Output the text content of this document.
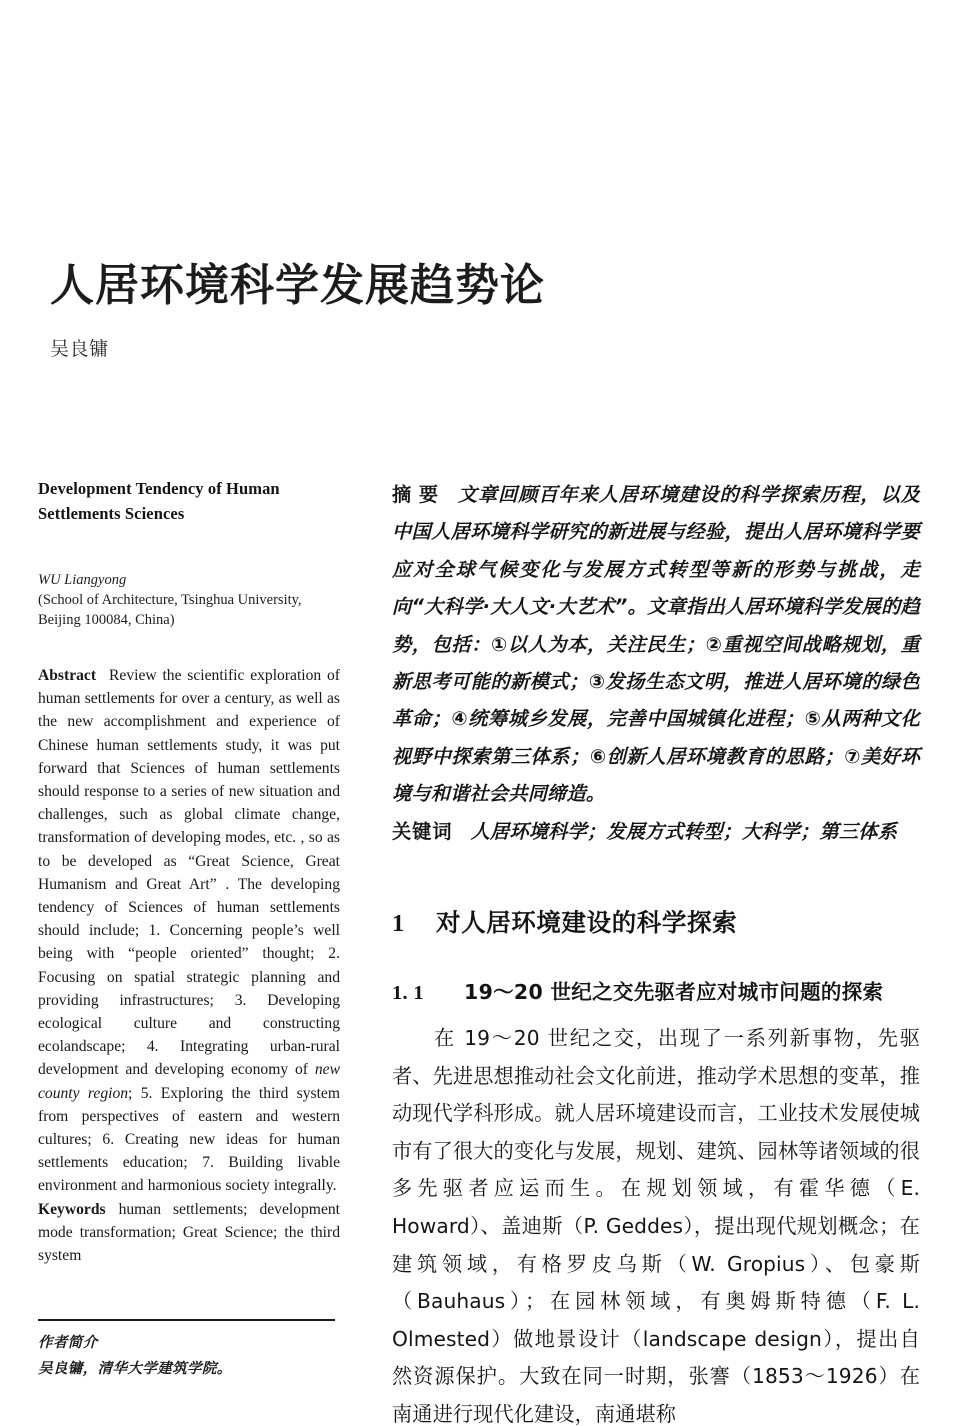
人居环境科学发展趋势论
吴良镛
Development Tendency of Human Settlements Sciences
WU Liangyong
(School of Architecture, Tsinghua University, Beijing 100084, China)

Abstract Review the scientific exploration of human settlements for over a century, as well as the new accomplishment and experience of Chinese human settlements study, it was put forward that Sciences of human settlements should response to a series of new situation and challenges, such as global climate change, transformation of developing modes, etc. , so as to be developed as “Great Science, Great Humanism and Great Art” . The developing tendency of Sciences of human settlements should include; 1. Concerning people’s well being with “people oriented” thought; 2. Focusing on spatial strategic planning and providing infrastructures; 3. Developing ecological culture and constructing ecolandscape; 4. Integrating urban-rural development and developing economy of new county region; 5. Exploring the third system from perspectives of eastern and western cultures; 6. Creating new ideas for human settlements education; 7. Building livable environment and harmonious society integrally.

Keywords human settlements; development mode transformation; Great Science; the third system

作者简介
吴良镛，清华大学建筑学院。

摘要 文章回顾百年来人居环境建设的科学探索历程，以及中国人居环境科学研究的新进展与经验，提出人居环境科学要应对全球气候变化与发展方式转型等新的形势与挑战，走向“大科学·大人文·大艺术”。文章指出人居环境科学发展的趋势，包括：①以人为本，关注民生；②重视空间战略规划，重新思考可能的新模式；③发扬生态文明，推进人居环境的绿色革命；④统筹城乡发展，完善中国城镇化进程；⑤从两种文化视野中探索第三体系；⑥创新人居环境教育的思路；⑦美好环境与和谐社会共同缔造。

关键词 人居环境科学；发展方式转型；大科学；第三体系

1 对人居环境建设的科学探索
1. 1 19～20 世纪之交先驱者应对城市问题的探索

在 19～20 世纪之交，出现了一系列新事物，先驱者、先进思想推动社会文化前进，推动学术思想的变革，推动现代学科形成。就人居环境建设而言，工业技术发展使城市有了很大的变化与发展，规划、建筑、园林等诸领域的很多先驱者应运而生。在规划领域，有霍华德（E. Howard）、盖迪斯（P. Geddes），提出现代规划概念；在建筑领域，有格罗皮乌斯（W. Gropius）、包豪斯（Bauhaus）；在园林领域，有奥姆斯特德（F. L. Olmested）做地景设计（landscape design），提出自然资源保护。大致在同一时期，张謇（1853～1926）在南通进行现代化建设，南通堪称
